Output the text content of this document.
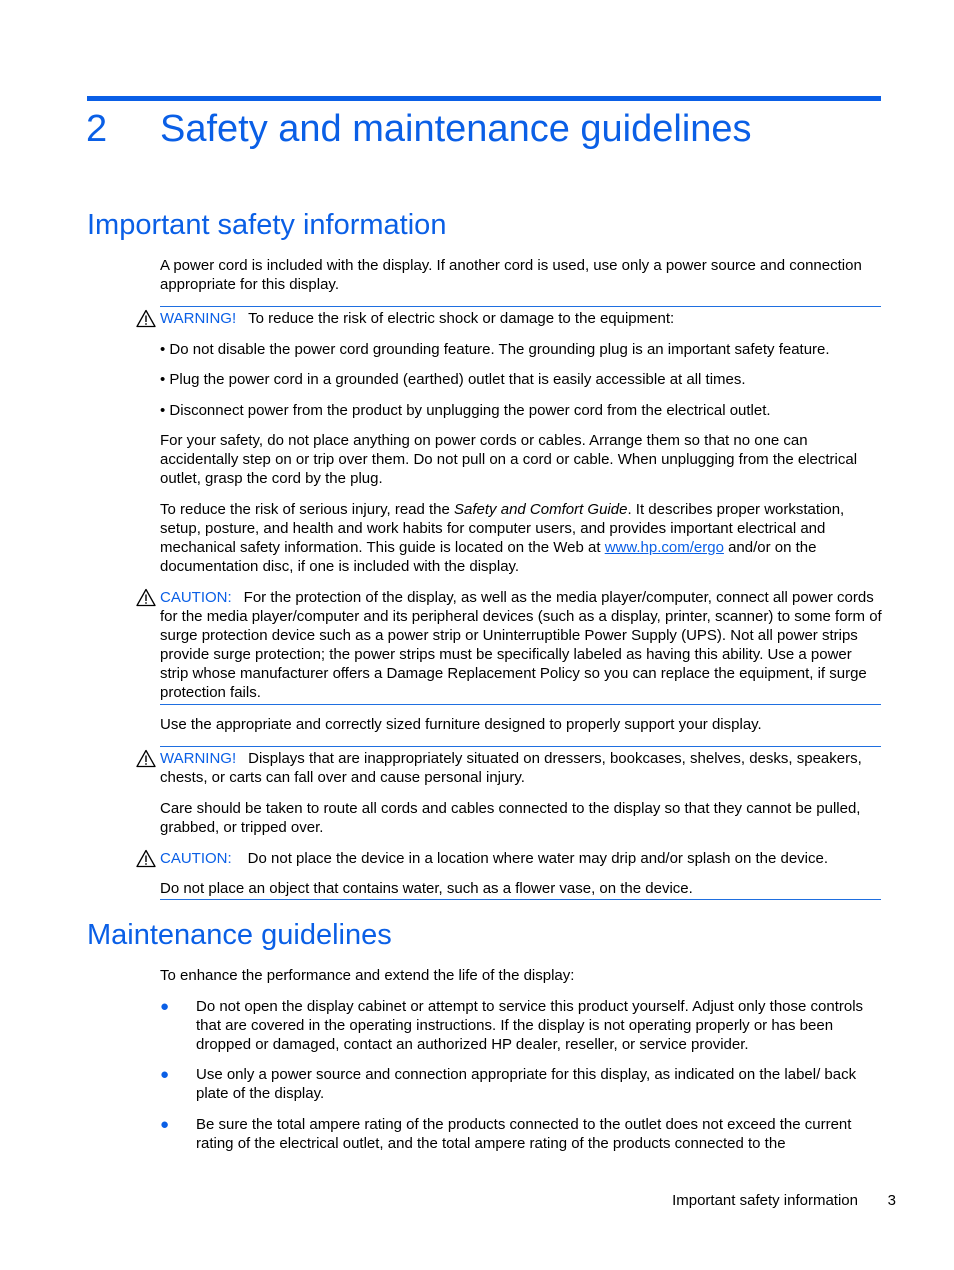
2 Safety and maintenance guidelines
Important safety information
A power cord is included with the display. If another cord is used, use only a power source and connection appropriate for this display.
WARNING! To reduce the risk of electric shock or damage to the equipment:
• Do not disable the power cord grounding feature. The grounding plug is an important safety feature.
• Plug the power cord in a grounded (earthed) outlet that is easily accessible at all times.
• Disconnect power from the product by unplugging the power cord from the electrical outlet.
For your safety, do not place anything on power cords or cables. Arrange them so that no one can accidentally step on or trip over them. Do not pull on a cord or cable. When unplugging from the electrical outlet, grasp the cord by the plug.
To reduce the risk of serious injury, read the Safety and Comfort Guide. It describes proper workstation, setup, posture, and health and work habits for computer users, and provides important electrical and mechanical safety information. This guide is located on the Web at www.hp.com/ergo and/or on the documentation disc, if one is included with the display.
CAUTION: For the protection of the display, as well as the media player/computer, connect all power cords for the media player/computer and its peripheral devices (such as a display, printer, scanner) to some form of surge protection device such as a power strip or Uninterruptible Power Supply (UPS). Not all power strips provide surge protection; the power strips must be specifically labeled as having this ability. Use a power strip whose manufacturer offers a Damage Replacement Policy so you can replace the equipment, if surge protection fails.
Use the appropriate and correctly sized furniture designed to properly support your display.
WARNING! Displays that are inappropriately situated on dressers, bookcases, shelves, desks, speakers, chests, or carts can fall over and cause personal injury.
Care should be taken to route all cords and cables connected to the display so that they cannot be pulled, grabbed, or tripped over.
CAUTION: Do not place the device in a location where water may drip and/or splash on the device.
Do not place an object that contains water, such as a flower vase, on the device.
Maintenance guidelines
To enhance the performance and extend the life of the display:
● Do not open the display cabinet or attempt to service this product yourself. Adjust only those controls that are covered in the operating instructions. If the display is not operating properly or has been dropped or damaged, contact an authorized HP dealer, reseller, or service provider.
● Use only a power source and connection appropriate for this display, as indicated on the label/ back plate of the display.
● Be sure the total ampere rating of the products connected to the outlet does not exceed the current rating of the electrical outlet, and the total ampere rating of the products connected to the
Important safety information 3
